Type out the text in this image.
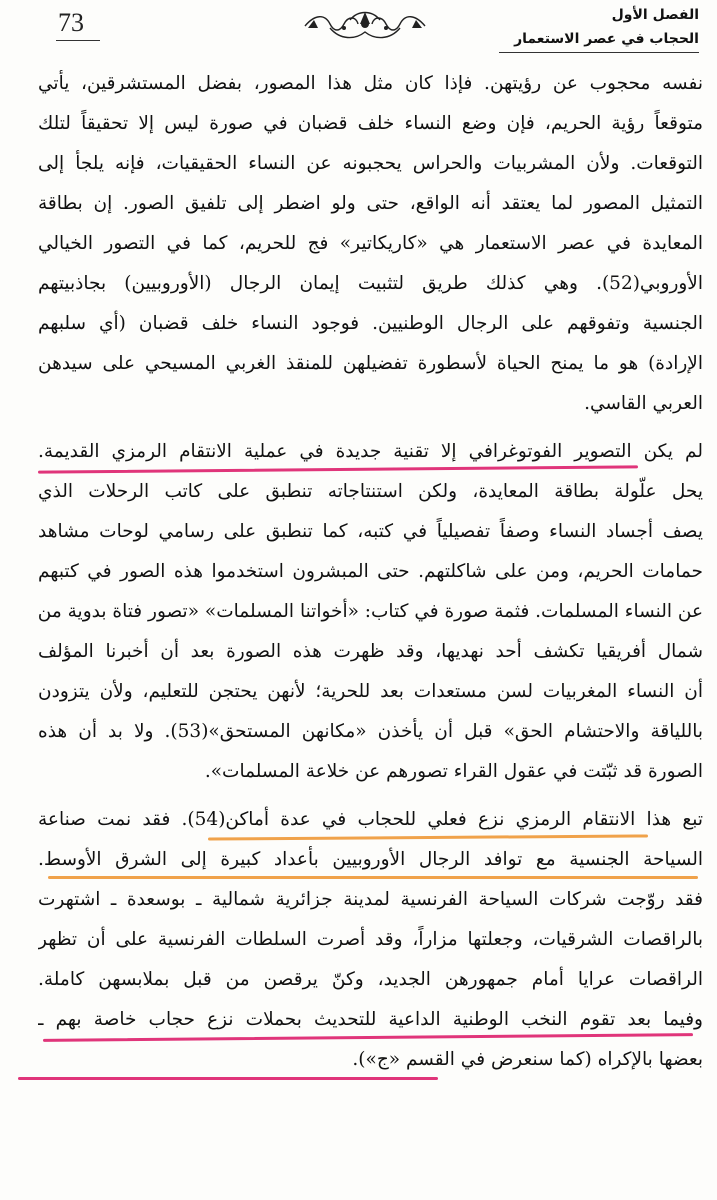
73	الفصل الأول
الحجاب في عصر الاستعمار
نفسه محجوب عن رؤيتهن. فإذا كان مثل هذا المصور، بفضل المستشرقين، يأتي
متوقعاً رؤية الحريم، فإن وضع النساء خلف قضبان في صورة ليس إلا تحقيقاً لتلك
التوقعات. ولأن المشربيات والحراس يحجبونه عن النساء الحقيقيات، فإنه يلجأ إلى
التمثيل المصور لما يعتقد أنه الواقع، حتى ولو اضطر إلى تلفيق الصور. إن بطاقة
المعايدة في عصر الاستعمار هي «كاريكاتير» فج للحريم، كما في التصور الخيالي
الأوروبي(52). وهي كذلك طريق لتثبيت إيمان الرجال (الأوروبيين) بجاذبيتهم
الجنسية وتفوقهم على الرجال الوطنيين. فوجود النساء خلف قضبان (أي سلبهم
الإرادة) هو ما يمنح الحياة لأسطورة تفضيلهن للمنقذ الغربي المسيحي على سيدهن
العربي القاسي.
لم يكن التصوير الفوتوغرافي إلا تقنية جديدة في عملية الانتقام الرمزي القديمة.
يحل علّولة بطاقة المعايدة، ولكن استنتاجاته تنطبق على كاتب الرحلات الذي
يصف أجساد النساء وصفاً تفصيلياً في كتبه، كما تنطبق على رسامي لوحات مشاهد
حمامات الحريم، ومن على شاكلتهم. حتى المبشرون استخدموا هذه الصور في كتبهم
عن النساء المسلمات. فثمة صورة في كتاب: «أخواتنا المسلمات» «تصور فتاة بدوية من
شمال أفريقيا تكشف أحد نهديها، وقد ظهرت هذه الصورة بعد أن أخبرنا المؤلف
أن النساء المغربيات لسن مستعدات بعد للحرية؛ لأنهن يحتجن للتعليم، ولأن يتزودن
باللياقة والاحتشام الحق» قبل أن يأخذن «مكانهن المستحق»(53). ولا بد أن هذه
الصورة قد ثبّتت في عقول القراء تصورهم عن خلاعة المسلمات».
تبع هذا الانتقام الرمزي نزع فعلي للحجاب في عدة أماكن(54). فقد نمت صناعة
السياحة الجنسية مع توافد الرجال الأوروبيين بأعداد كبيرة إلى الشرق الأوسط.
فقد روّجت شركات السياحة الفرنسية لمدينة جزائرية شمالية ـ بوسعدة ـ اشتهرت
بالراقصات الشرقيات، وجعلتها مزاراً، وقد أصرت السلطات الفرنسية على أن تظهر
الراقصات عرايا أمام جمهورهن الجديد، وكنّ يرقصن من قبل بملابسهن كاملة.
وفيما بعد تقوم النخب الوطنية الداعية للتحديث بحملات نزع حجاب خاصة بهم ـ
بعضها بالإكراه (كما سنعرض في القسم «ج»).
